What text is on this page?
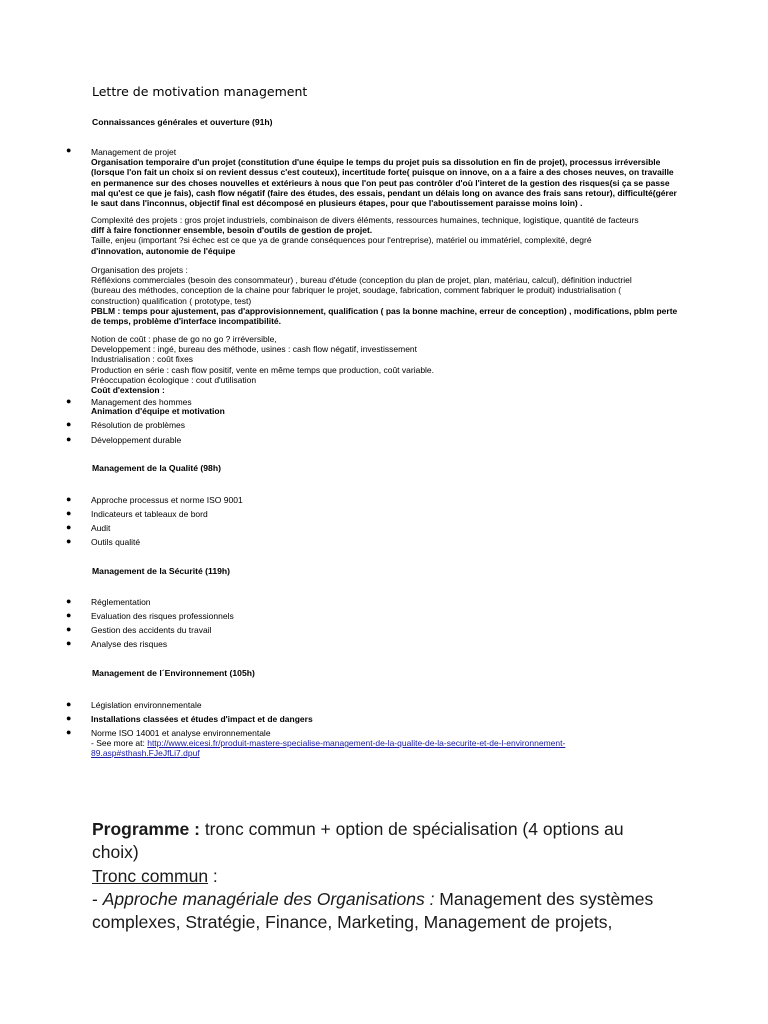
Lettre de motivation management
Connaissances générales et ouverture (91h)
● Management de projet
Organisation temporaire d'un projet (constitution d'une équipe le temps du projet puis sa dissolution en fin de projet), processus irréversible
(lorsque l'on fait un choix si on revient dessus c'est couteux), incertitude forte( puisque on innove, on a a faire a des choses neuves, on travaille
en permanence sur des choses nouvelles et extérieurs à nous que l'on peut pas contrôler d'où l'interet de la gestion des risques(si ça se passe
mal qu'est ce que je fais), cash flow négatif (faire des études, des essais, pendant un délais long on avance des frais sans retour), difficulté(gérer
le saut dans l'inconnus, objectif final est décomposé en plusieurs étapes, pour que l'aboutissement paraisse moins loin) .
Complexité des projets : gros projet industriels, combinaison de divers éléments, ressources humaines, technique, logistique, quantité de facteurs
diff à faire fonctionner ensemble, besoin d'outils de gestion de projet.
Taille, enjeu (important ?si échec est ce que ya de grande conséquences pour l'entreprise), matériel ou immatériel, complexité, degré
d'innovation, autonomie de l'équipe
Organisation des projets :
Réfléxions commerciales (besoin des consommateur) , bureau d'étude (conception du plan de projet, plan, matériau, calcul), définition inductriel
(bureau des méthodes, conception de la chaine pour fabriquer le projet, soudage, fabrication, comment fabriquer le produit) industrialisation (
construction) qualification ( prototype, test)
PBLM : temps pour ajustement, pas d'approvisionnement, qualification ( pas la bonne machine, erreur de conception) , modifications, pblm perte
de temps, problème d'interface incompatibilité.
Notion de coût : phase de go no go ? irréversible,
Developpement : ingé, bureau des méthode, usines : cash flow négatif, investissement
Industrialisation : coût fixes
Production en série : cash flow positif, vente en même temps que production, coût variable.
Préoccupation écologique : cout d'utilisation
Coût d'extension :
● Management des hommes
Animation d'équipe et motivation
● Résolution de problèmes
● Développement durable
Management de la Qualité (98h)
● Approche processus et norme ISO 9001
● Indicateurs et tableaux de bord
● Audit
● Outils qualité
Management de la Sécurité (119h)
● Réglementation
● Evaluation des risques professionnels
● Gestion des accidents du travail
● Analyse des risques
Management de l´Environnement (105h)
● Législation environnementale
● Installations classées et études d'impact et de dangers
● Norme ISO 14001 et analyse environnementale
- See more at: http://www.eicesi.fr/produit-mastere-specialise-management-de-la-qualite-de-la-securite-et-de-l-environnement-
89.asp#sthash.FJeJfLi7.dpuf
Programme : tronc commun + option de spécialisation (4 options au
choix)
Tronc commun :
- Approche managériale des Organisations : Management des systèmes
complexes, Stratégie, Finance, Marketing, Management de projets,
